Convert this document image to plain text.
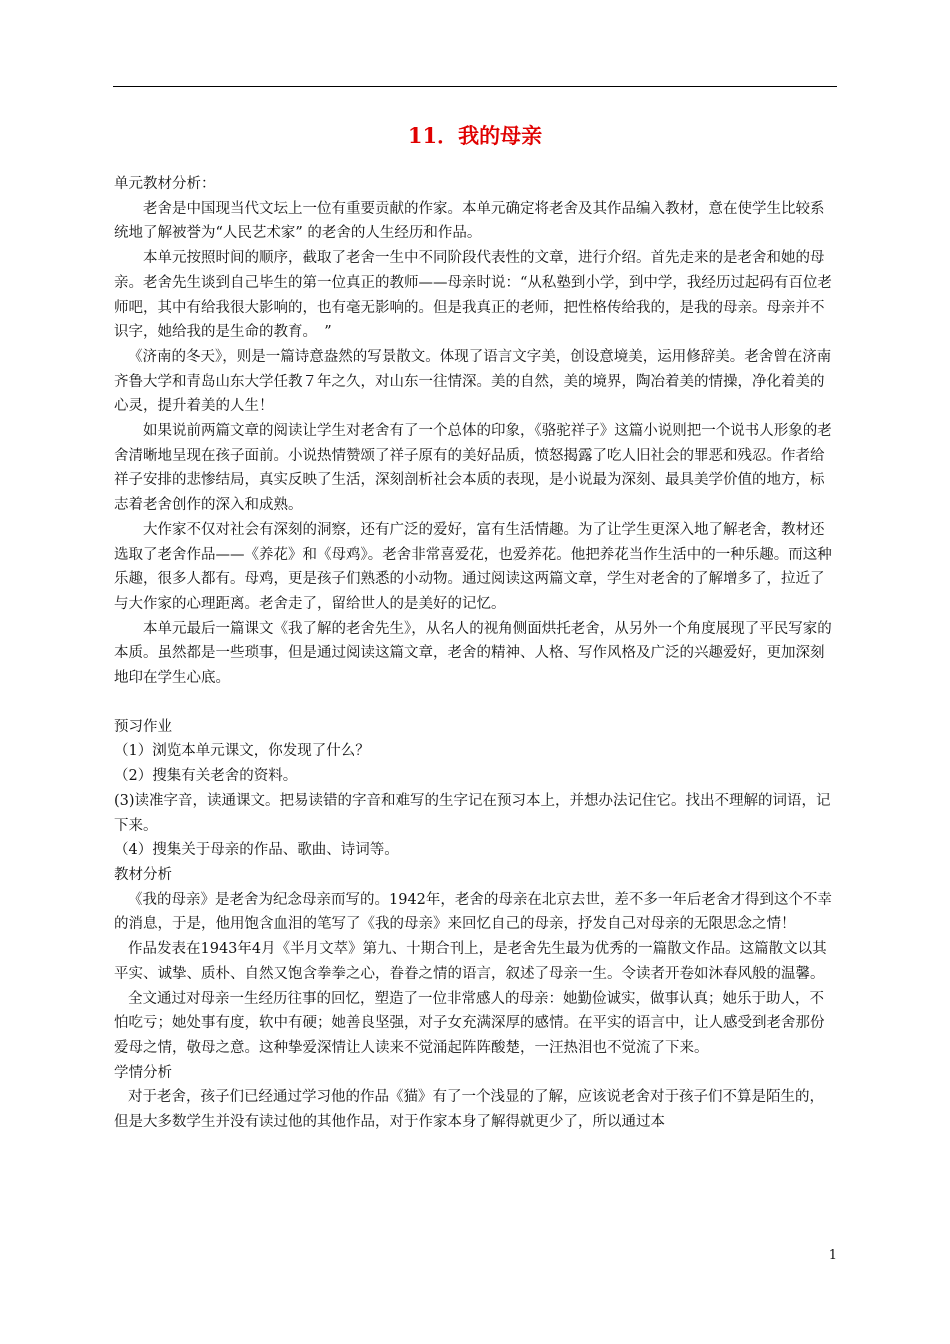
11．我的母亲

单元教材分析：

老舍是中国现当代文坛上一位有重要贡献的作家。本单元确定将老舍及其作品编入教材，意在使学生比较系统地了解被誉为“人民艺术家” 的老舍的人生经历和作品。

本单元按照时间的顺序，截取了老舍一生中不同阶段代表性的文章，进行介绍。首先走来的是老舍和她的母亲。老舍先生谈到自己毕生的第一位真正的教师——母亲时说：“从私塾到小学，到中学，我经历过起码有百位老师吧，其中有给我很大影响的，也有毫无影响的。但是我真正的老师，把性格传给我的，是我的母亲。母亲并不识字，她给我的是生命的教育。　”

《济南的冬天》，则是一篇诗意盎然的写景散文。体现了语言文字美，创设意境美，运用修辞美。老舍曾在济南齐鲁大学和青岛山东大学任教７年之久，对山东一往情深。美的自然，美的境界，陶冶着美的情操，净化着美的心灵，提升着美的人生！

如果说前两篇文章的阅读让学生对老舍有了一个总体的印象，《骆驼祥子》这篇小说则把一个说书人形象的老舍清晰地呈现在孩子面前。小说热情赞颂了祥子原有的美好品质，愤怒揭露了吃人旧社会的罪恶和残忍。作者给祥子安排的悲惨结局，真实反映了生活，深刻剖析社会本质的表现，是小说最为深刻、最具美学价值的地方，标志着老舍创作的深入和成熟。

大作家不仅对社会有深刻的洞察，还有广泛的爱好，富有生活情趣。为了让学生更深入地了解老舍，教材还选取了老舍作品——《养花》和《母鸡》。老舍非常喜爱花，也爱养花。他把养花当作生活中的一种乐趣。而这种乐趣，很多人都有。母鸡，更是孩子们熟悉的小动物。通过阅读这两篇文章，学生对老舍的了解增多了，拉近了与大作家的心理距离。老舍走了，留给世人的是美好的记忆。

本单元最后一篇课文《我了解的老舍先生》，从名人的视角侧面烘托老舍，从另外一个角度展现了平民写家的本质。虽然都是一些琐事，但是通过阅读这篇文章，老舍的精神、人格、写作风格及广泛的兴趣爱好，更加深刻地印在学生心底。

预习作业

（1）浏览本单元课文，你发现了什么？

（2）搜集有关老舍的资料。

(3)读准字音，读通课文。把易读错的字音和难写的生字记在预习本上，并想办法记住它。找出不理解的词语，记下来。

（4）搜集关于母亲的作品、歌曲、诗词等。

教材分析

《我的母亲》是老舍为纪念母亲而写的。1942年，老舍的母亲在北京去世，差不多一年后老舍才得到这个不幸的消息，于是，他用饱含血泪的笔写了《我的母亲》来回忆自己的母亲，抒发自己对母亲的无限思念之情！

作品发表在1943年4月《半月文萃》第九、十期合刊上，是老舍先生最为优秀的一篇散文作品。这篇散文以其平实、诚挚、质朴、自然又饱含拳拳之心，眷眷之情的语言，叙述了母亲一生。令读者开卷如沐春风般的温馨。

全文通过对母亲一生经历往事的回忆，塑造了一位非常感人的母亲：她勤俭诚实，做事认真；她乐于助人，不怕吃亏；她处事有度，软中有硬；她善良坚强，对子女充满深厚的感情。在平实的语言中，让人感受到老舍那份爱母之情，敬母之意。这种挚爱深情让人读来不觉涌起阵阵酸楚，一汪热泪也不觉流了下来。

学情分析

对于老舍，孩子们已经通过学习他的作品《猫》有了一个浅显的了解，应该说老舍对于孩子们不算是陌生的，但是大多数学生并没有读过他的其他作品，对于作家本身了解得就更少了，所以通过本

1
